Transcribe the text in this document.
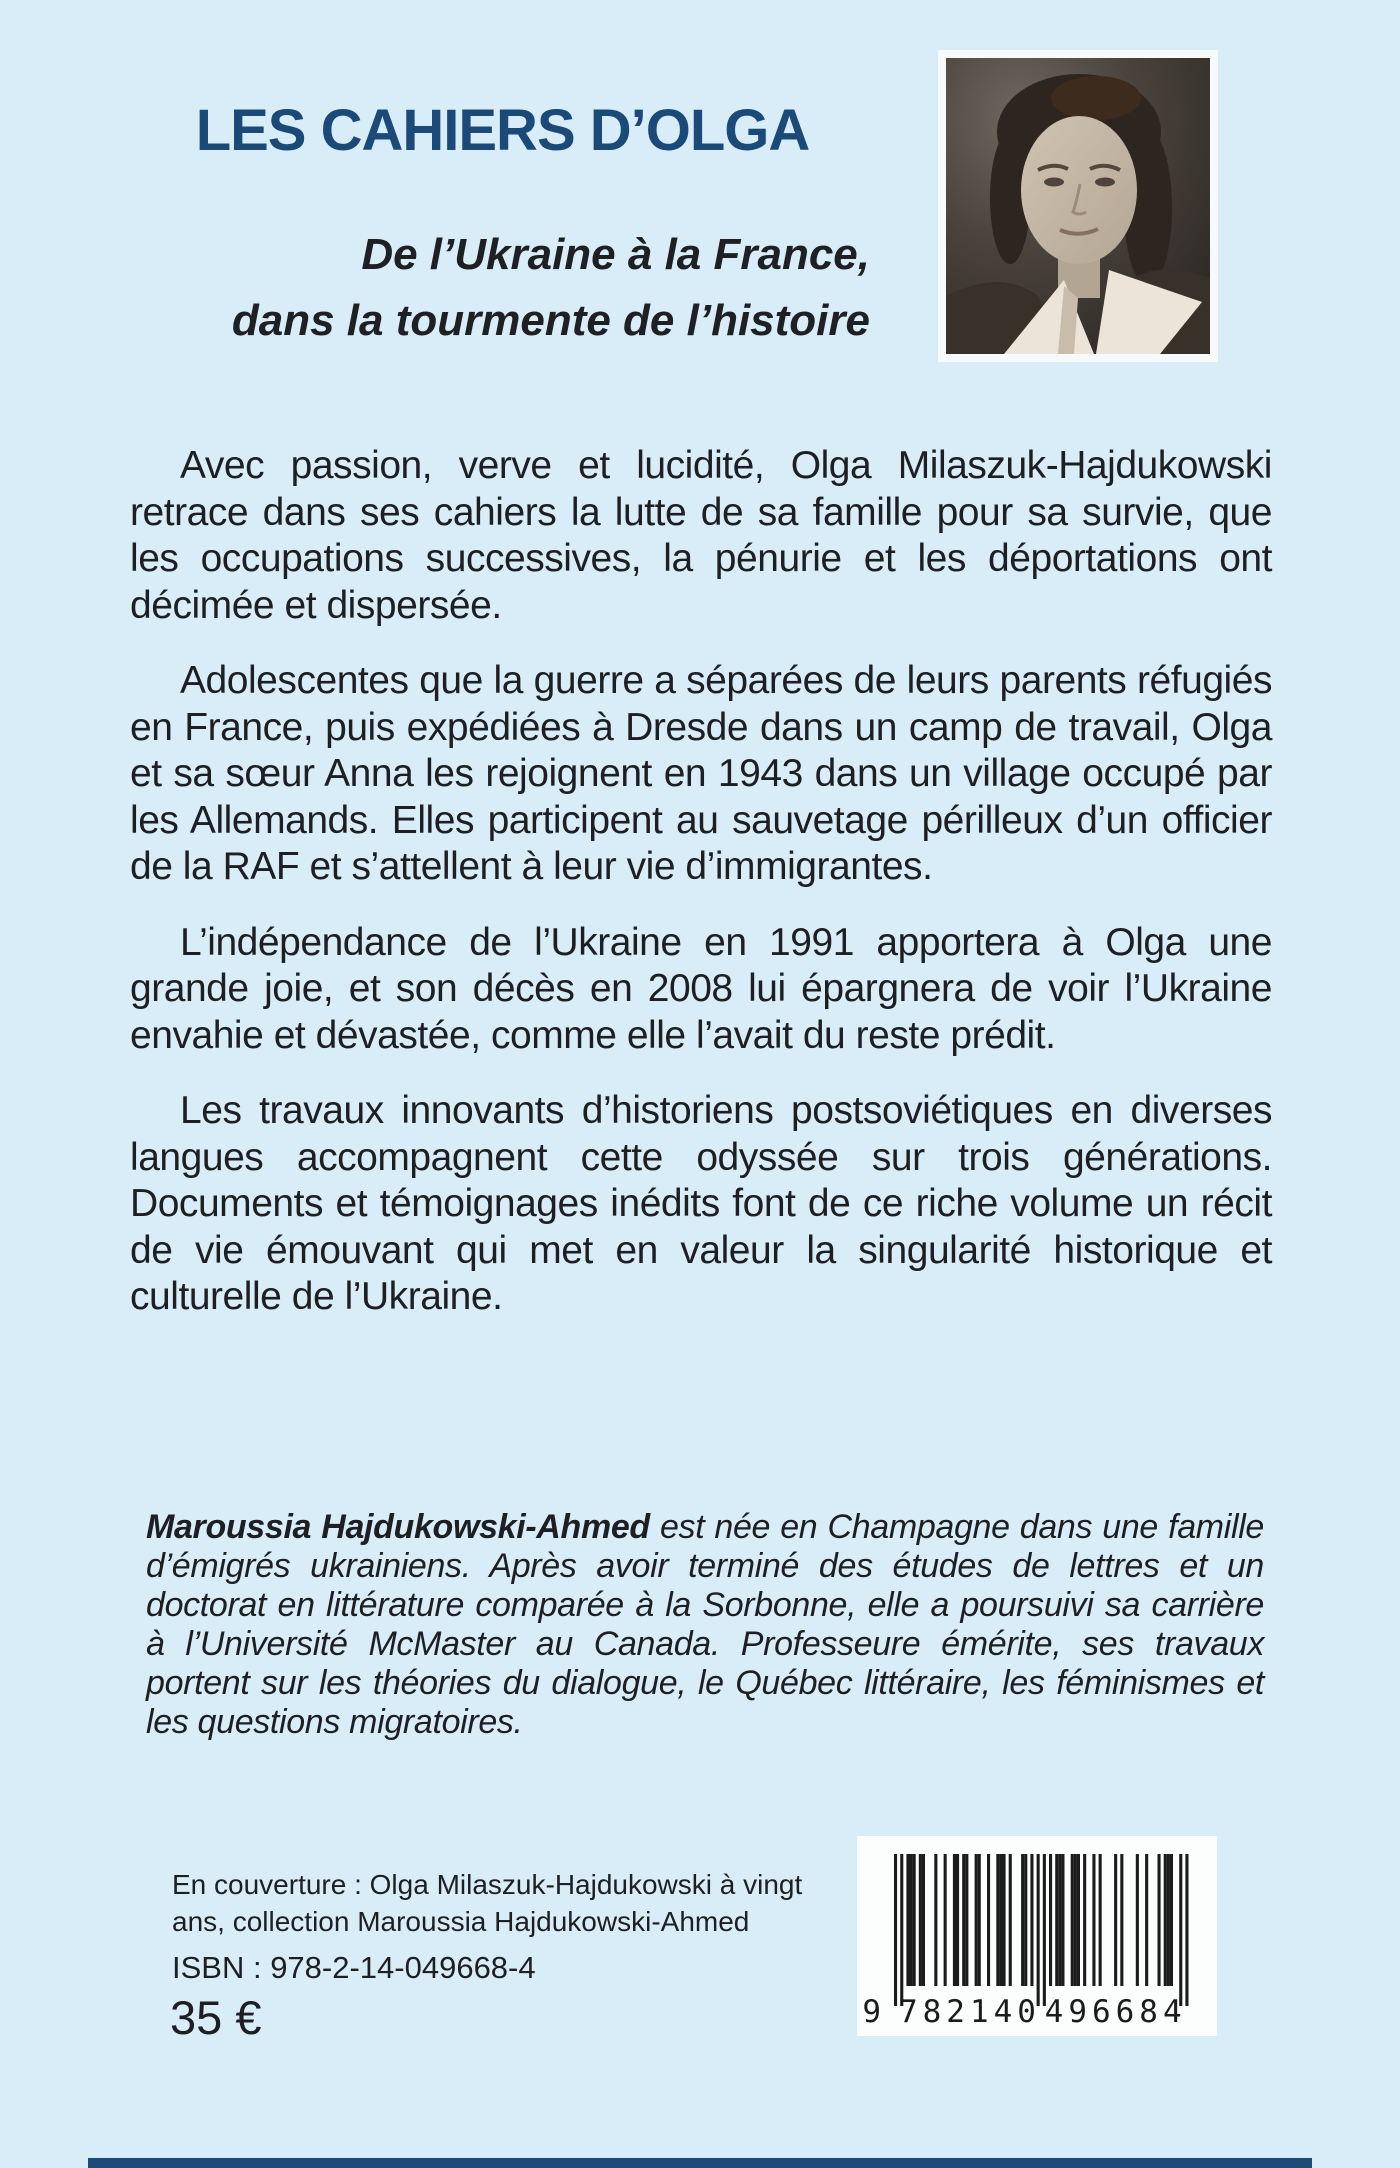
LES CAHIERS D’OLGA
De l’Ukraine à la France,
dans la tourmente de l’histoire

Avec passion, verve et lucidité, Olga Milaszuk-Hajdukowski retrace dans ses cahiers la lutte de sa famille pour sa survie, que les occupations successives, la pénurie et les déportations ont décimée et dispersée.

Adolescentes que la guerre a séparées de leurs parents réfugiés en France, puis expédiées à Dresde dans un camp de travail, Olga et sa sœur Anna les rejoignent en 1943 dans un village occupé par les Allemands. Elles participent au sauvetage périlleux d’un officier de la RAF et s’attellent à leur vie d’immigrantes.

L’indépendance de l’Ukraine en 1991 apportera à Olga une grande joie, et son décès en 2008 lui épargnera de voir l’Ukraine envahie et dévastée, comme elle l’avait du reste prédit.

Les travaux innovants d’historiens postsoviétiques en diverses langues accompagnent cette odyssée sur trois générations. Documents et témoignages inédits font de ce riche volume un récit de vie émouvant qui met en valeur la singularité historique et culturelle de l’Ukraine.

Maroussia Hajdukowski-Ahmed est née en Champagne dans une famille d’émigrés ukrainiens. Après avoir terminé des études de lettres et un doctorat en littérature comparée à la Sorbonne, elle a poursuivi sa carrière à l’Université McMaster au Canada. Professeure émérite, ses travaux portent sur les théories du dialogue, le Québec littéraire, les féminismes et les questions migratoires.
En couverture : Olga Milaszuk-Hajdukowski à vingt
ans, collection Maroussia Hajdukowski-Ahmed
ISBN : 978-2-14-049668-4
35 €	9 782140 496684
